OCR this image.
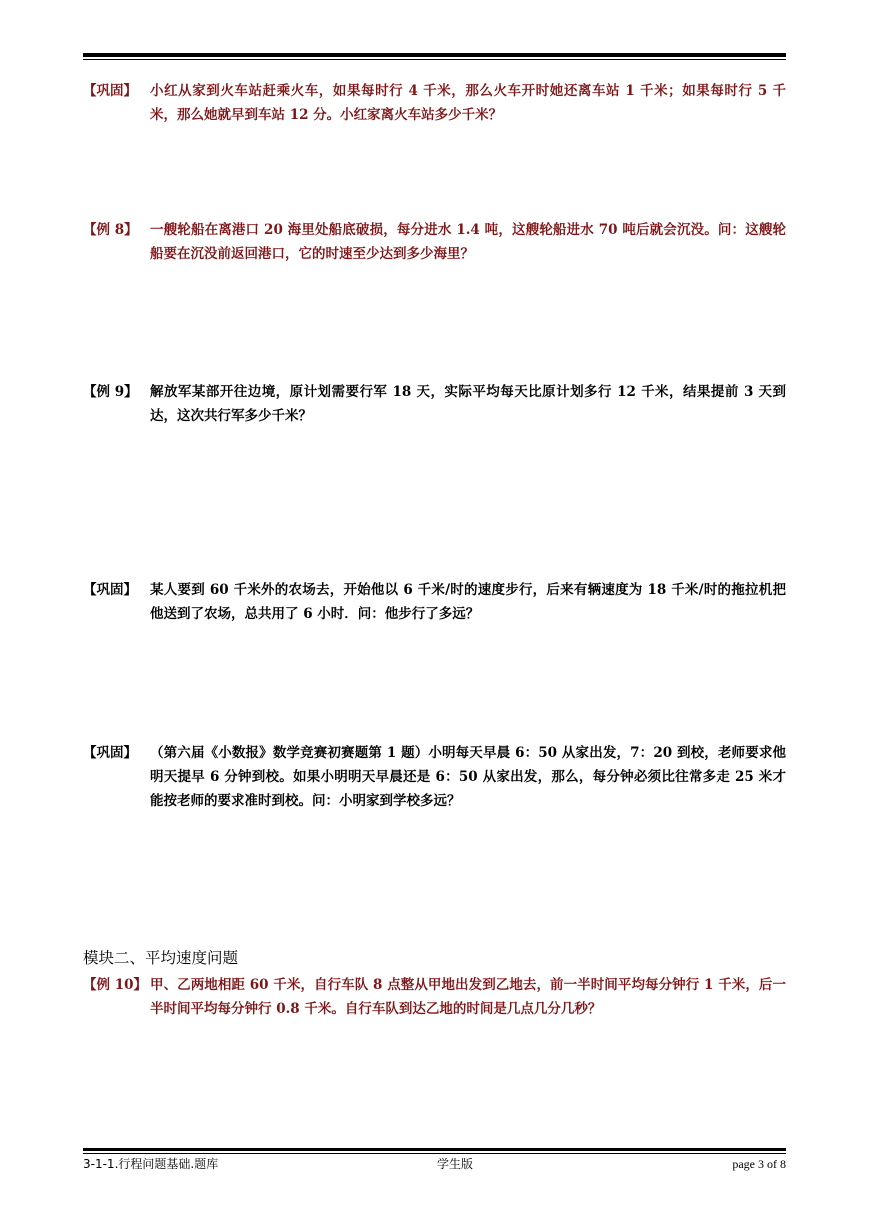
【巩固】 小红从家到火车站赶乘火车，如果每时行 4 千米，那么火车开时她还离车站 1 千米；如果每时行 5 千米，那么她就早到车站 12 分。小红家离火车站多少千米？
【例 8】 一艘轮船在离港口 20 海里处船底破损，每分进水 1.4 吨，这艘轮船进水 70 吨后就会沉没。问：这艘轮船要在沉没前返回港口，它的时速至少达到多少海里？
【例 9】 解放军某部开往边境，原计划需要行军 18 天，实际平均每天比原计划多行 12 千米，结果提前 3 天到达，这次共行军多少千米？
【巩固】 某人要到 60 千米外的农场去，开始他以 6 千米/时的速度步行，后来有辆速度为 18 千米/时的拖拉机把他送到了农场，总共用了 6 小时．问：他步行了多远？
【巩固】 （第六届《小数报》数学竞赛初赛题第 1 题）小明每天早晨 6：50 从家出发，7：20 到校，老师要求他明天提早 6 分钟到校。如果小明明天早晨还是 6：50 从家出发，那么，每分钟必须比往常多走 25 米才能按老师的要求准时到校。问：小明家到学校多远？
模块二、平均速度问题
【例 10】 甲、乙两地相距 60 千米，自行车队 8 点整从甲地出发到乙地去，前一半时间平均每分钟行 1 千米，后一半时间平均每分钟行 0.8 千米。自行车队到达乙地的时间是几点几分几秒？
3-1-1.行程问题基础.题库	学生版	page 3 of 8
